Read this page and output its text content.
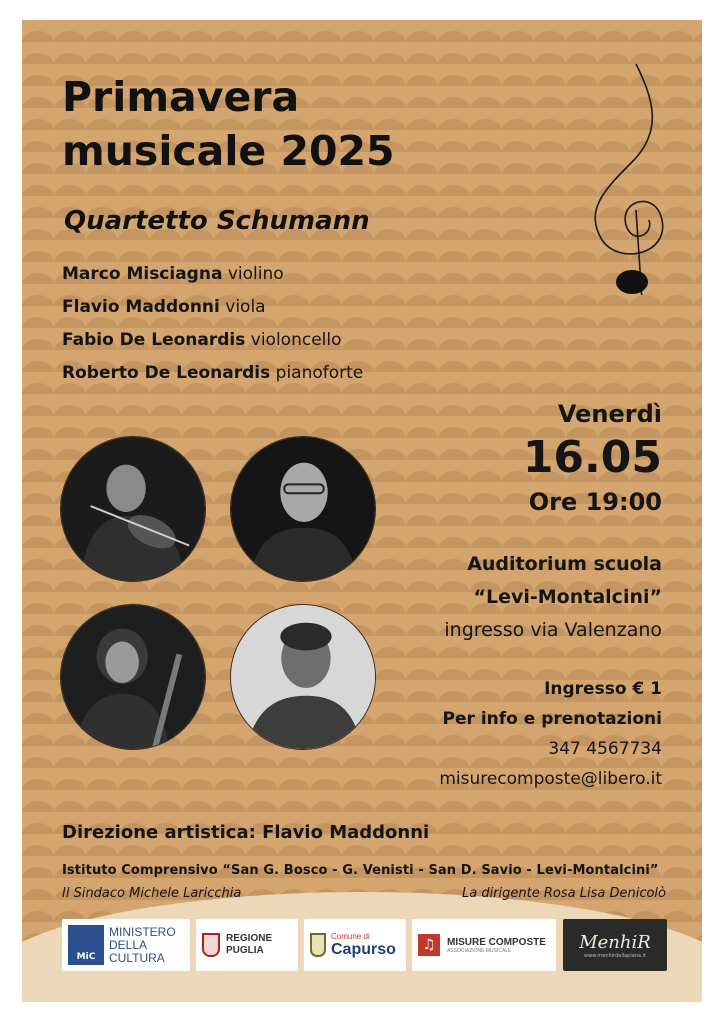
Primavera
musicale 2025
Quartetto Schumann
Marco Misciagna violino
Flavio Maddonni viola
Fabio De Leonardis violoncello
Roberto De Leonardis pianoforte
Venerdì
16.05
Ore 19:00
Auditorium scuola
“Levi-Montalcini”
ingresso via Valenzano
Ingresso € 1
Per info e prenotazioni
347 4567734
misurecomposte@libero.it
Direzione artistica: Flavio Maddonni
Istituto Comprensivo “San G. Bosco - G. Venisti - San D. Savio - Levi-Montalcini”
Il Sindaco Michele Laricchia	La dirigente Rosa Lisa Denicolò
MiC
MINISTERO
DELLA
CULTURA
REGIONE
PUGLIA
Comune di
Capurso	♫	MISURE COMPOSTE
ASSOCIAZIONE MUSICALE	MenhiR
www.menhirdellapiana.it
